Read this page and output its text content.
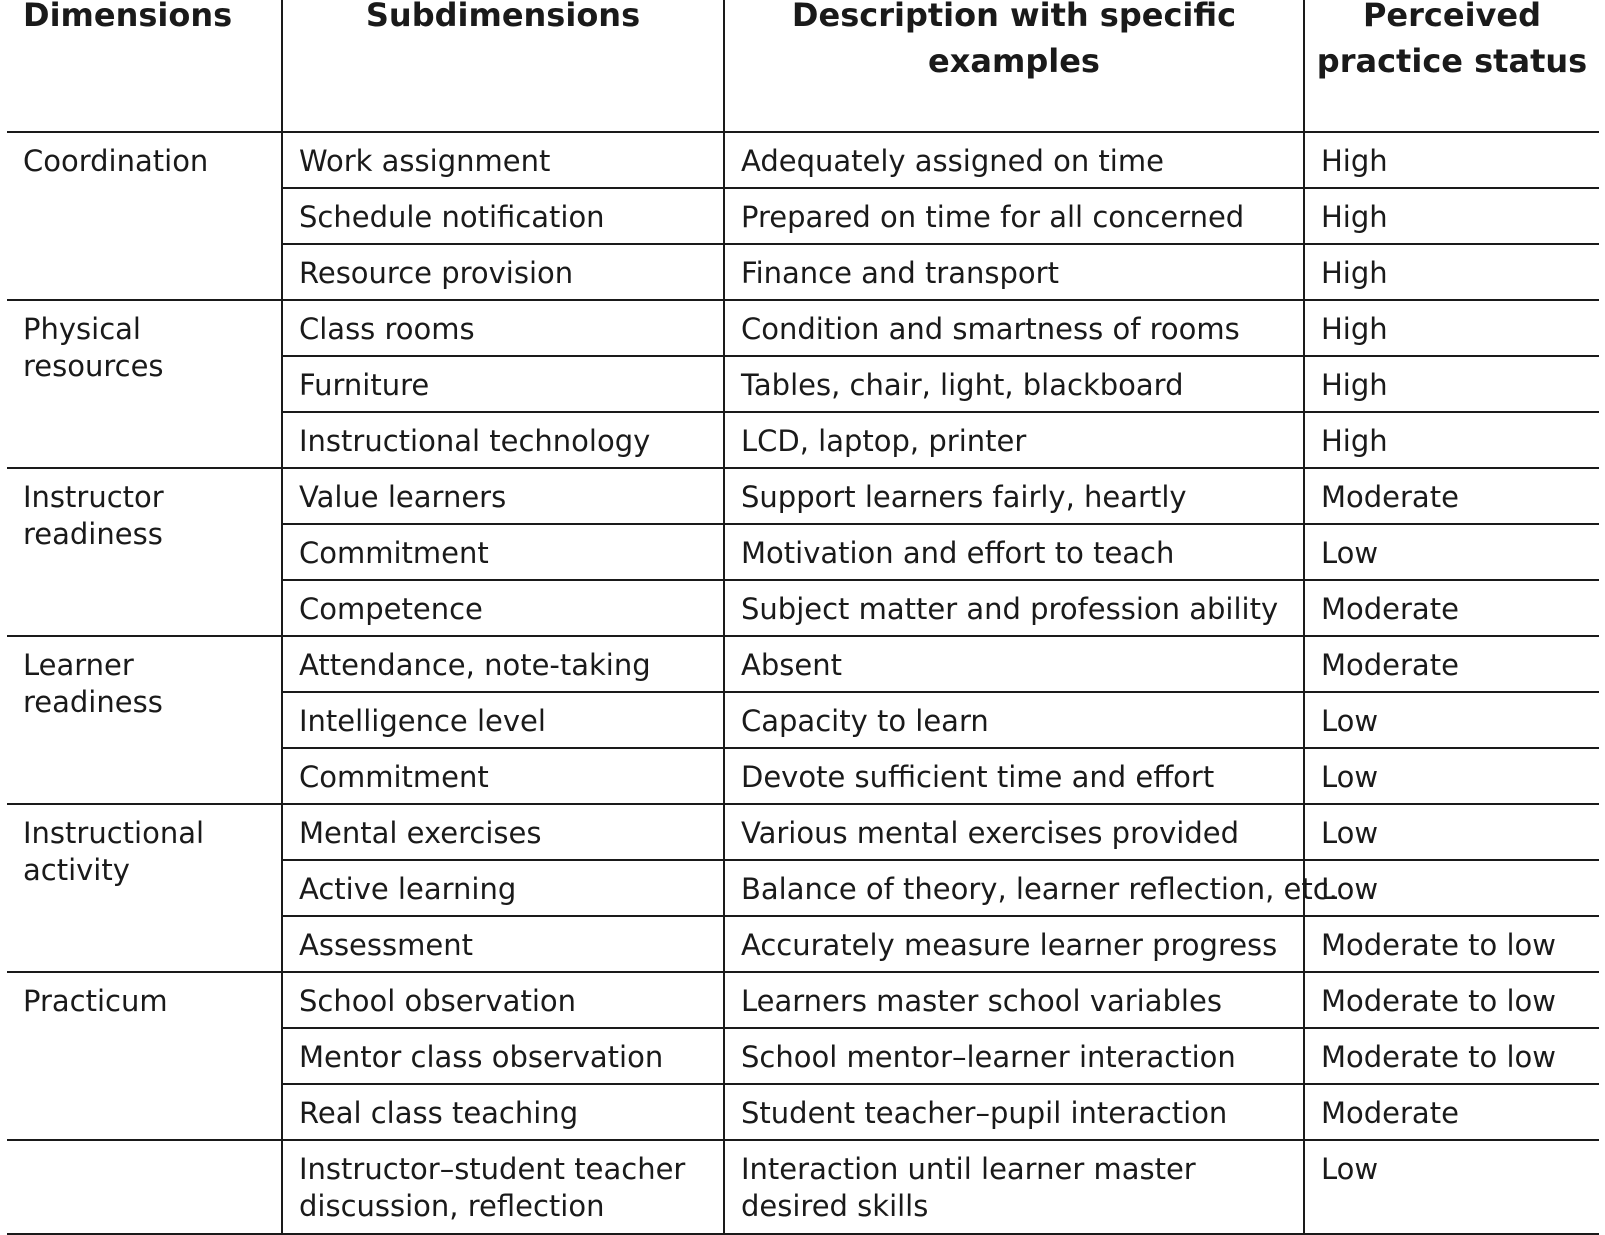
Dimensions	Subdimensions	Description with specific examples	Perceived practice status
Coordination	Work assignment	Adequately assigned on time	High
	Schedule notification	Prepared on time for all concerned	High
	Resource provision	Finance and transport	High
Physical resources	Class rooms	Condition and smartness of rooms	High
	Furniture	Tables, chair, light, blackboard	High
	Instructional technology	LCD, laptop, printer	High
Instructor readiness	Value learners	Support learners fairly, heartly	Moderate
	Commitment	Motivation and effort to teach	Low
	Competence	Subject matter and profession ability	Moderate
Learner readiness	Attendance, note-taking	Absent	Moderate
	Intelligence level	Capacity to learn	Low
	Commitment	Devote sufficient time and effort	Low
Instructional activity	Mental exercises	Various mental exercises provided	Low
	Active learning	Balance of theory, learner reflection, etc.	Low
	Assessment	Accurately measure learner progress	Moderate to low
Practicum	School observation	Learners master school variables	Moderate to low
	Mentor class observation	School mentor–learner interaction	Moderate to low
	Real class teaching	Student teacher–pupil interaction	Moderate
	Instructor–student teacher discussion, reflection	Interaction until learner master desired skills	Low
